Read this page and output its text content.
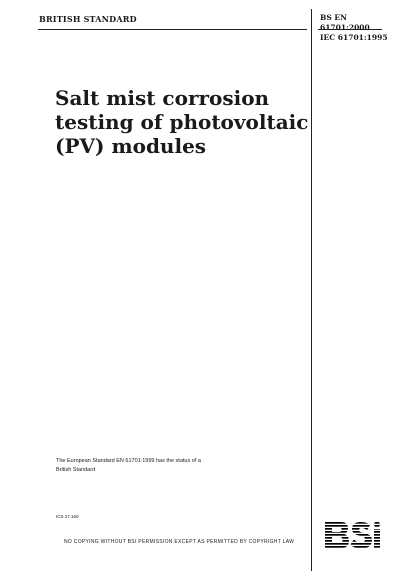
BRITISH STANDARD	BS EN
61701:2000
IEC 61701:1995
Salt mist corrosion
testing of photovoltaic
(PV) modules
The European Standard EN 61701:1999 has the status of a
British Standard
ICS 27.160
NO COPYING WITHOUT BSI PERMISSION EXCEPT AS PERMITTED BY COPYRIGHT LAW
